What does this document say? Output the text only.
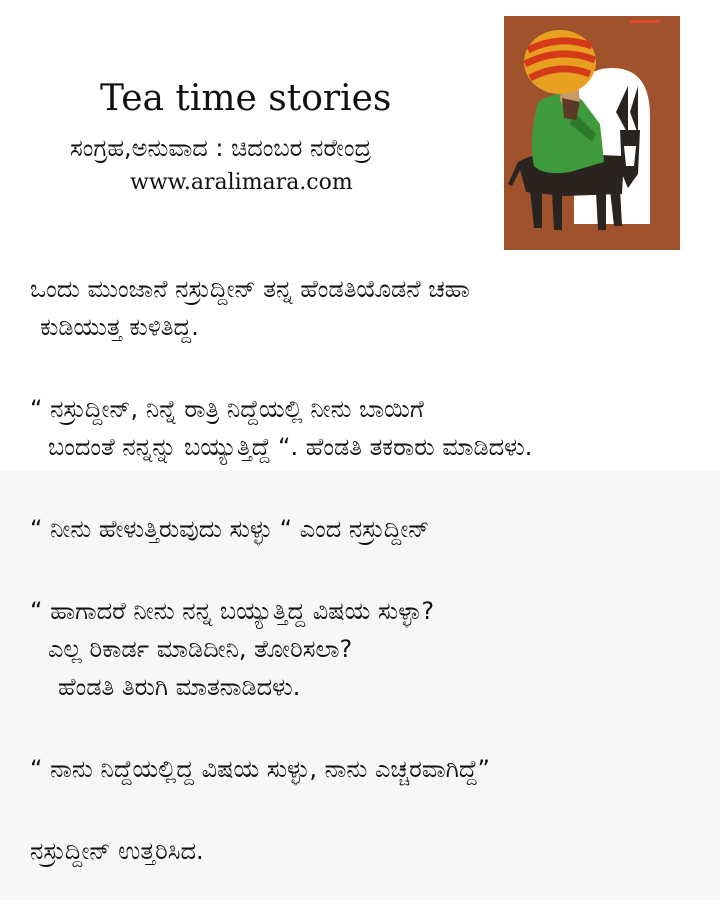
Tea time stories
ಸಂಗ್ರಹ,ಅನುವಾದ : ಚಿದಂಬರ ನರೇಂದ್ರ
www.aralimara.com
ಒಂದು ಮುಂಜಾನೆ ನಸ್ರುದ್ದೀನ್ ತನ್ನ ಹೆಂಡತಿಯೊಡನೆ ಚಹಾ
ಕುಡಿಯುತ್ತ ಕುಳಿತಿದ್ದ.
“ ನಸ್ರುದ್ದೀನ್, ನಿನ್ನೆ ರಾತ್ರಿ ನಿದ್ದೆಯಲ್ಲಿ ನೀನು ಬಾಯಿಗೆ
ಬಂದಂತೆ ನನ್ನನ್ನು ಬಯ್ಯುತ್ತಿದ್ದೆ “. ಹೆಂಡತಿ ತಕರಾರು ಮಾಡಿದಳು.
“ ನೀನು ಹೇಳುತ್ತಿರುವುದು ಸುಳ್ಳು “ ಎಂದ ನಸ್ರುದ್ದೀನ್
“ ಹಾಗಾದರೆ ನೀನು ನನ್ನ ಬಯ್ಯುತ್ತಿದ್ದ ವಿಷಯ ಸುಳ್ಳಾ?
ಎಲ್ಲ ರಿಕಾರ್ಡ ಮಾಡಿದೀನಿ, ತೋರಿಸಲಾ?
ಹೆಂಡತಿ ತಿರುಗಿ ಮಾತನಾಡಿದಳು.
“ ನಾನು ನಿದ್ದೆಯಲ್ಲಿದ್ದ ವಿಷಯ ಸುಳ್ಳು, ನಾನು ಎಚ್ಚರವಾಗಿದ್ದೆ”
ನಸ್ರುದ್ದೀನ್ ಉತ್ತರಿಸಿದ.
